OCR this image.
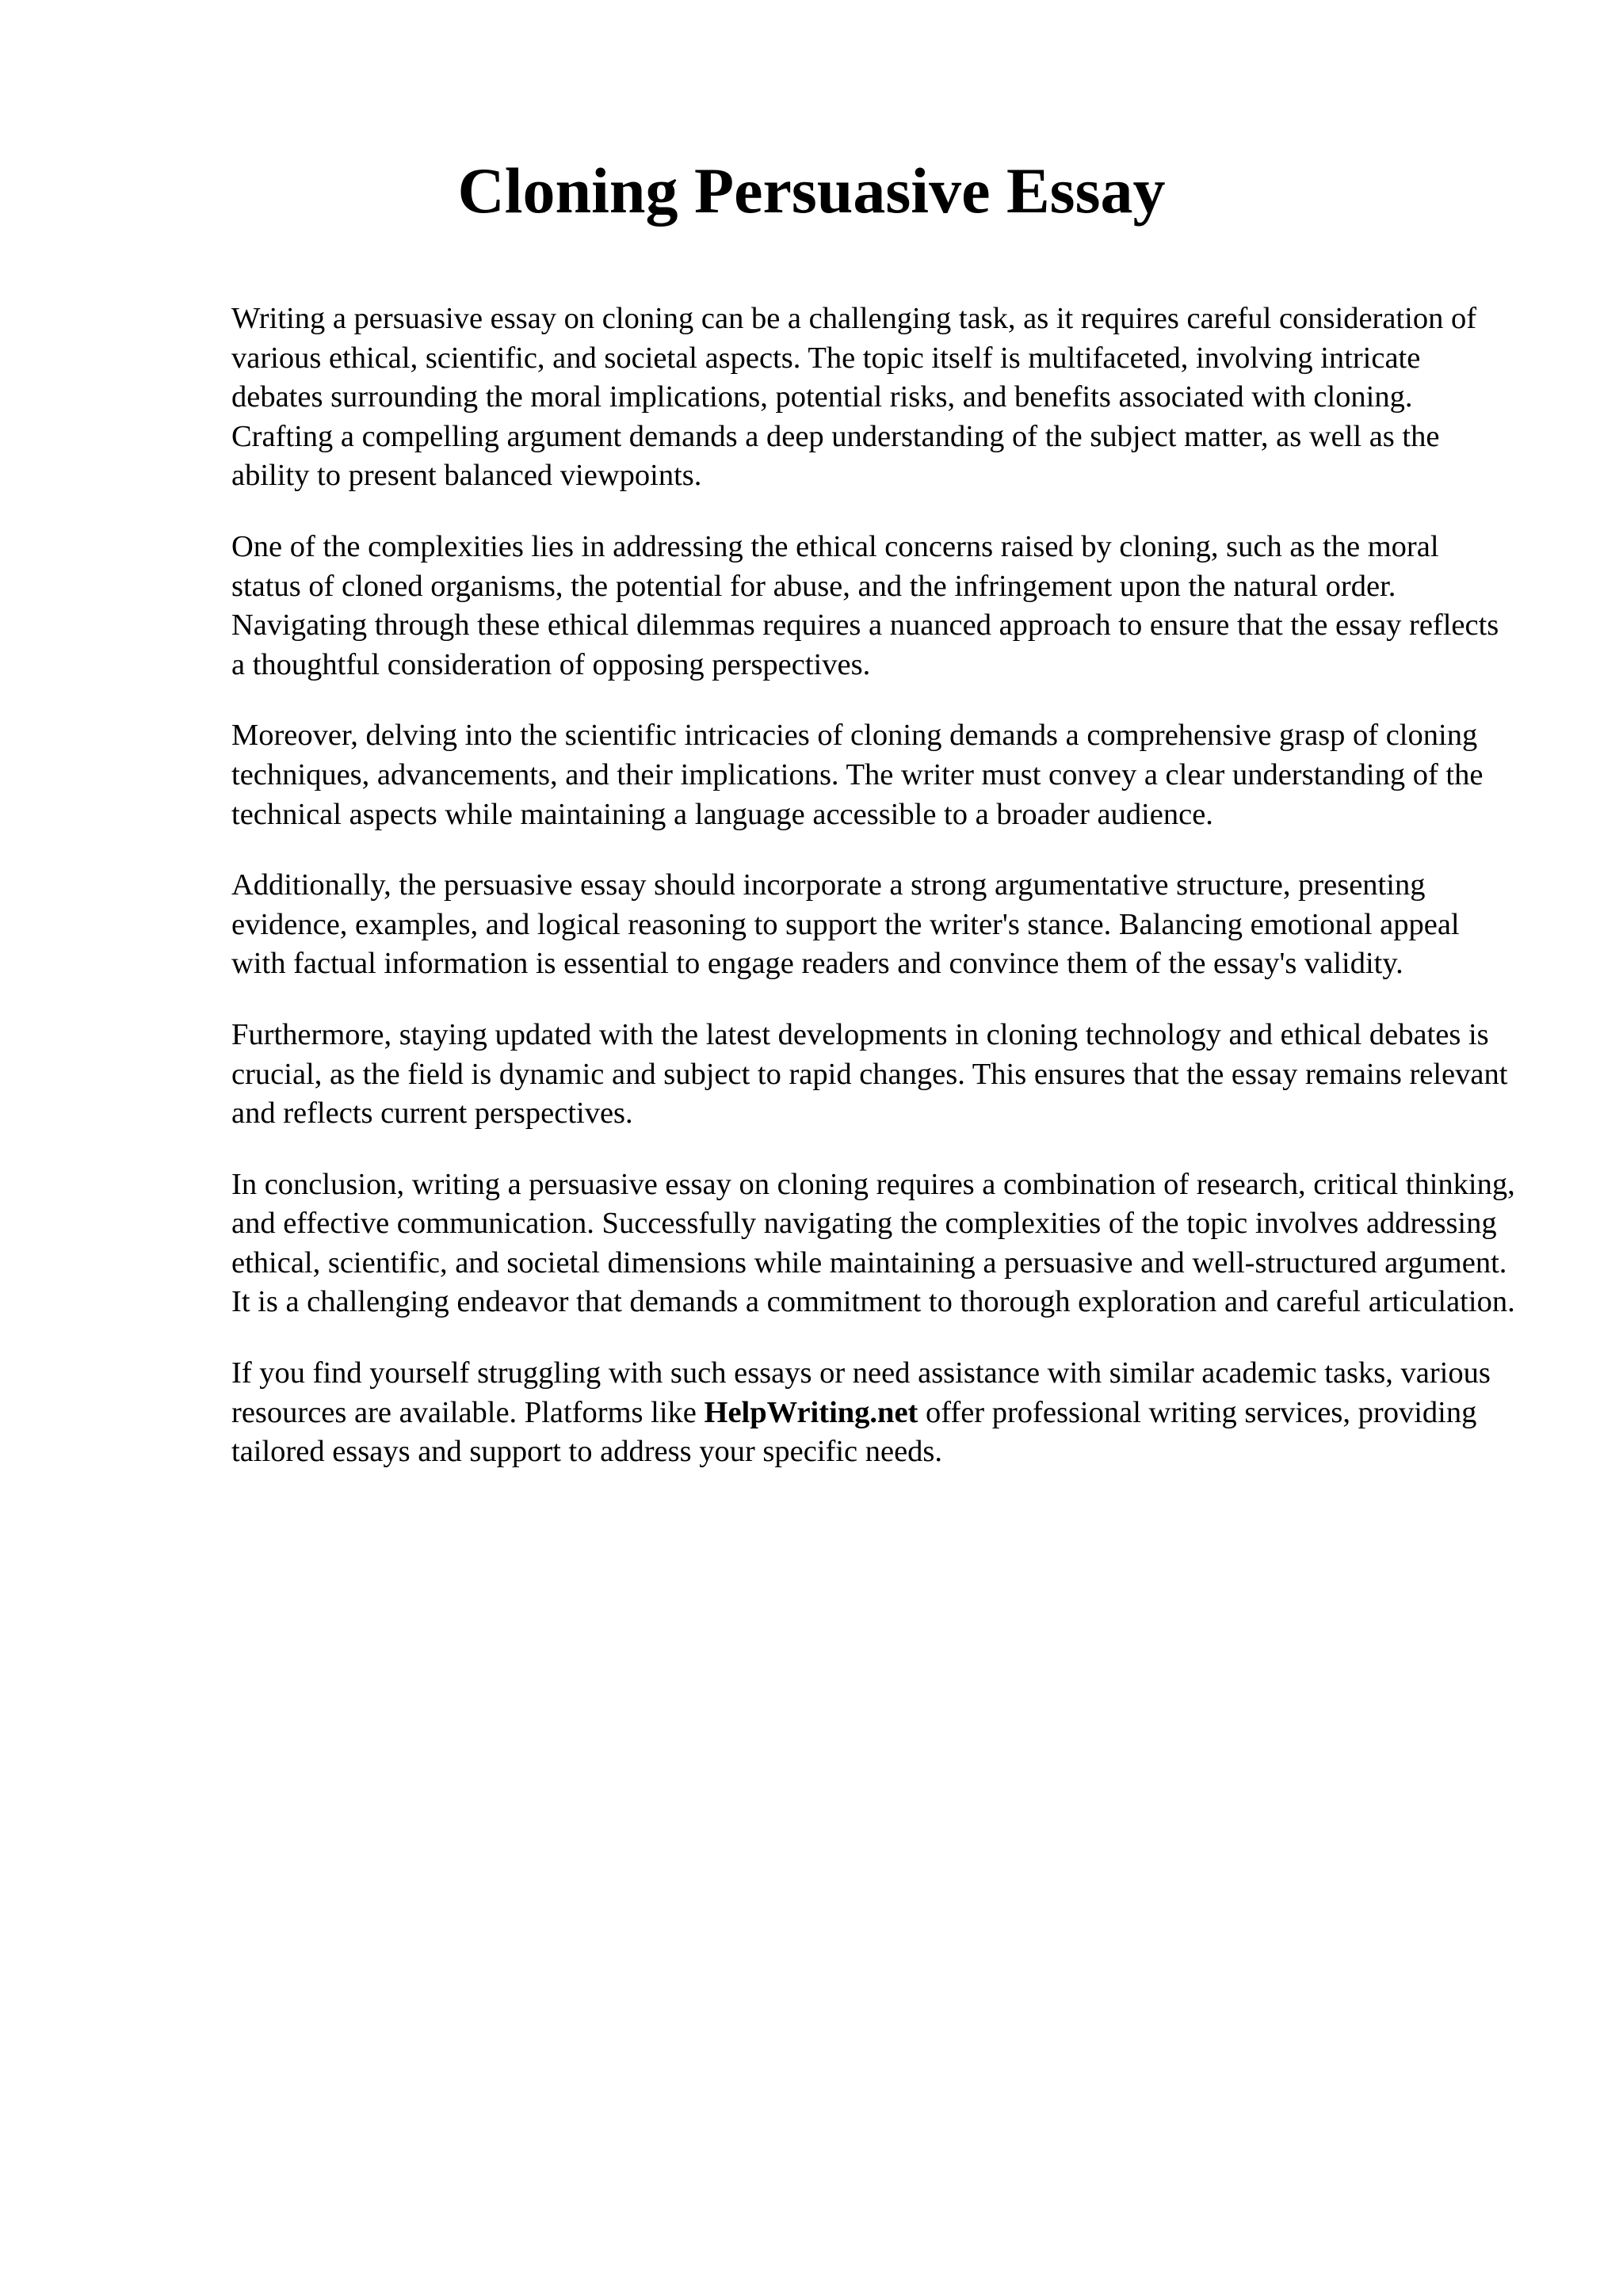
Cloning Persuasive Essay

Writing a persuasive essay on cloning can be a challenging task, as it requires careful consideration of various ethical, scientific, and societal aspects. The topic itself is multifaceted, involving intricate debates surrounding the moral implications, potential risks, and benefits associated with cloning. Crafting a compelling argument demands a deep understanding of the subject matter, as well as the ability to present balanced viewpoints.

One of the complexities lies in addressing the ethical concerns raised by cloning, such as the moral status of cloned organisms, the potential for abuse, and the infringement upon the natural order. Navigating through these ethical dilemmas requires a nuanced approach to ensure that the essay reflects a thoughtful consideration of opposing perspectives.

Moreover, delving into the scientific intricacies of cloning demands a comprehensive grasp of cloning techniques, advancements, and their implications. The writer must convey a clear understanding of the technical aspects while maintaining a language accessible to a broader audience.

Additionally, the persuasive essay should incorporate a strong argumentative structure, presenting evidence, examples, and logical reasoning to support the writer's stance. Balancing emotional appeal with factual information is essential to engage readers and convince them of the essay's validity.

Furthermore, staying updated with the latest developments in cloning technology and ethical debates is crucial, as the field is dynamic and subject to rapid changes. This ensures that the essay remains relevant and reflects current perspectives.

In conclusion, writing a persuasive essay on cloning requires a combination of research, critical thinking, and effective communication. Successfully navigating the complexities of the topic involves addressing ethical, scientific, and societal dimensions while maintaining a persuasive and well-structured argument. It is a challenging endeavor that demands a commitment to thorough exploration and careful articulation.

If you find yourself struggling with such essays or need assistance with similar academic tasks, various resources are available. Platforms like HelpWriting.net offer professional writing services, providing tailored essays and support to address your specific needs.
